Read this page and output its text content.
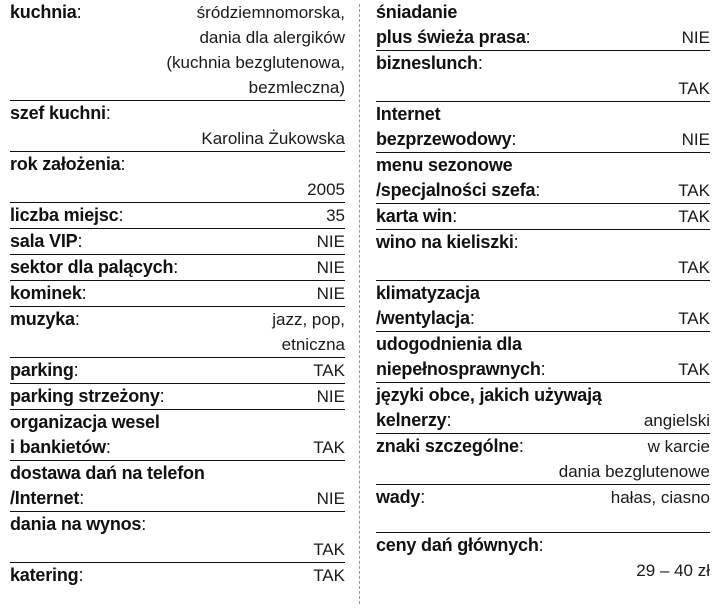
kuchnia:	śródziemnomorska,
dania dla alergików
(kuchnia bezglutenowa,
bezmleczna)
szef kuchni:
Karolina Żukowska
rok założenia:
2005
liczba miejsc:	35
sala VIP:	NIE
sektor dla palących:	NIE
kominek:	NIE
muzyka:	jazz, pop,
etniczna
parking:	TAK
parking strzeżony:	NIE
organizacja wesel
i bankietów:	TAK
dostawa dań na telefon
/Internet:	NIE
dania na wynos:
TAK
katering:	TAK
śniadanie
plus świeża prasa:	NIE
bizneslunch:
TAK
Internet
bezprzewodowy:	NIE
menu sezonowe
/specjalności szefa:	TAK
karta win:	TAK
wino na kieliszki:
TAK
klimatyzacja
/wentylacja:	TAK
udogodnienia dla
niepełnosprawnych:	TAK
języki obce, jakich używają
kelnerzy:	angielski
znaki szczególne:	w karcie
dania bezglutenowe
wady:	hałas, ciasno
ceny dań głównych:
29 – 40 zł
